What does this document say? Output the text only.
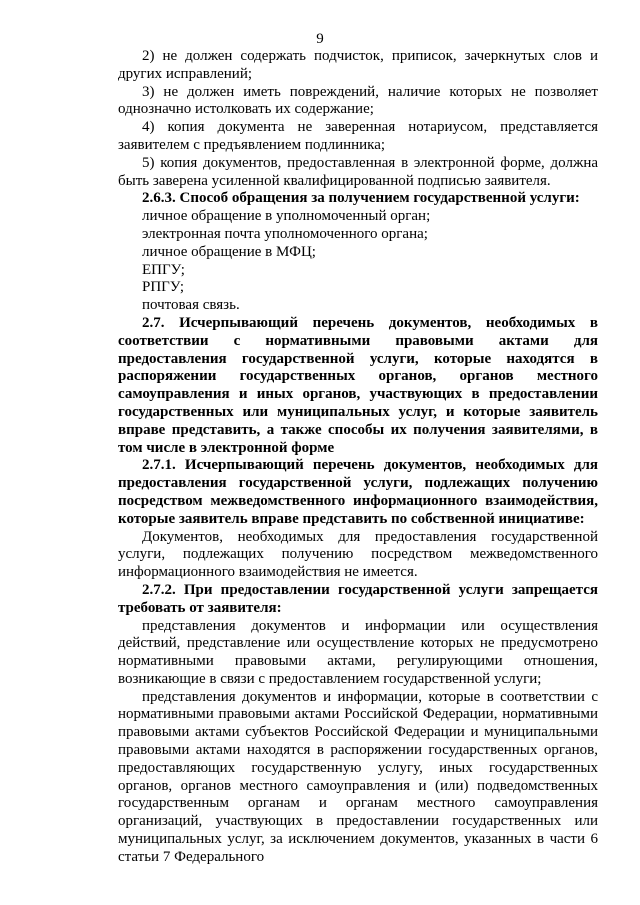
9

2) не должен содержать подчисток, приписок, зачеркнутых слов и других исправлений;

3) не должен иметь повреждений, наличие которых не позволяет однозначно истолковать их содержание;

4) копия документа не заверенная нотариусом, представляется заявителем с предъявлением подлинника;

5) копия документов, предоставленная в электронной форме, должна быть заверена усиленной квалифицированной подписью заявителя.

2.6.3. Способ обращения за получением государственной услуги:

личное обращение в уполномоченный орган;

электронная почта уполномоченного органа;

личное обращение в МФЦ;

ЕПГУ;

РПГУ;

почтовая связь.

2.7. Исчерпывающий перечень документов, необходимых в соответствии с нормативными правовыми актами для предоставления государственной услуги, которые находятся в распоряжении государственных органов, органов местного самоуправления и иных органов, участвующих в предоставлении государственных или муниципальных услуг, и которые заявитель вправе представить, а также способы их получения заявителями, в том числе в электронной форме

2.7.1. Исчерпывающий перечень документов, необходимых для предоставления государственной услуги, подлежащих получению посредством межведомственного информационного взаимодействия, которые заявитель вправе представить по собственной инициативе:

Документов, необходимых для предоставления государственной услуги, подлежащих получению посредством межведомственного информационного взаимодействия не имеется.

2.7.2. При предоставлении государственной услуги запрещается требовать от заявителя:

представления документов и информации или осуществления действий, представление или осуществление которых не предусмотрено нормативными правовыми актами, регулирующими отношения, возникающие в связи с предоставлением государственной услуги;

представления документов и информации, которые в соответствии с нормативными правовыми актами Российской Федерации, нормативными правовыми актами субъектов Российской Федерации и муниципальными правовыми актами находятся в распоряжении государственных органов, предоставляющих государственную услугу, иных государственных органов, органов местного самоуправления и (или) подведомственных государственным органам и органам местного самоуправления организаций, участвующих в предоставлении государственных или муниципальных услуг, за исключением документов, указанных в части 6 статьи 7 Федерального
